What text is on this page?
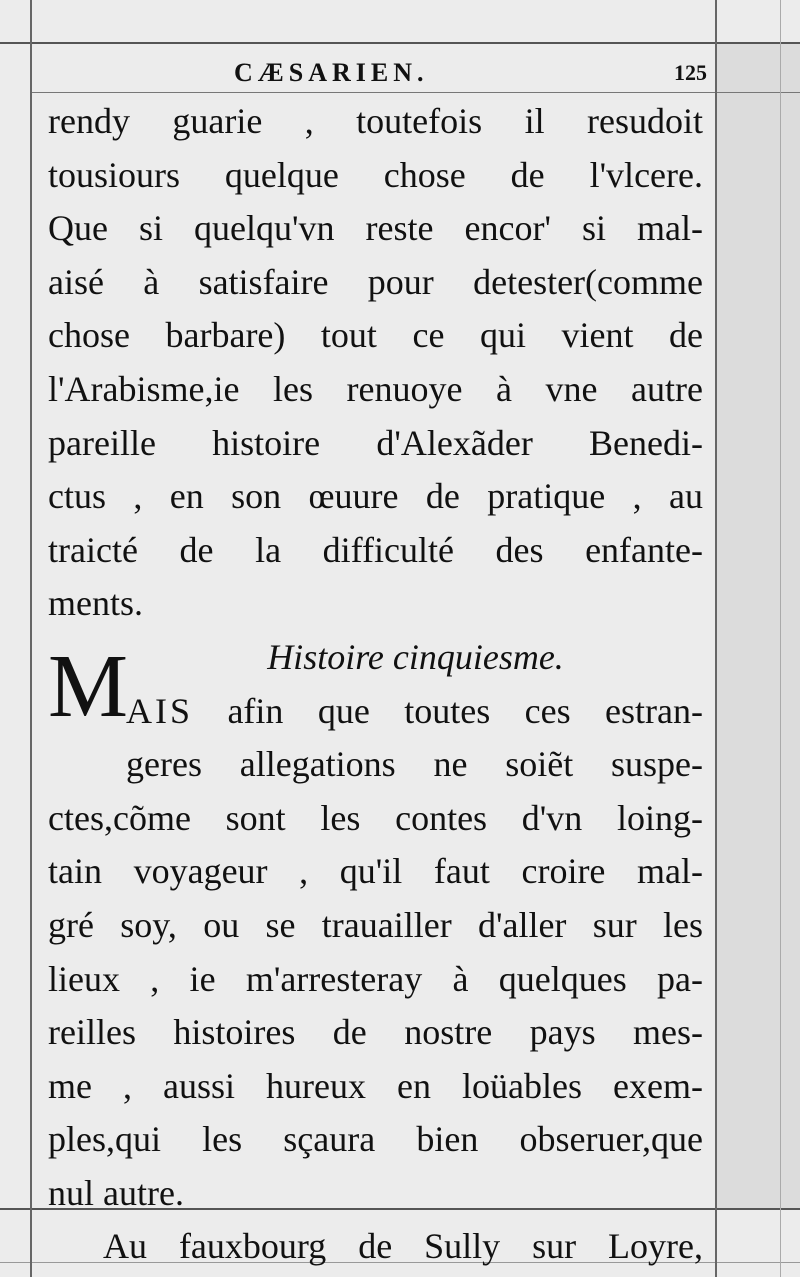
CÆSARIEN.	125
rendy guarie , toutefois il resudoit
tousiours quelque chose de l'vlcere.
Que si quelqu'vn reste encor' si mal-
aisé à satisfaire pour detester(comme
chose barbare) tout ce qui vient de
l'Arabisme,ie les renuoye à vne autre
pareille histoire d'Alexãder Benedi-
ctus , en son œuure de pratique , au
traicté de la difficulté des enfante-
ments.
Histoire cinquiesme.
AIS afin que toutes ces estran-
geres allegations ne soiẽt suspe-
ctes,cõme sont les contes d'vn loing-
tain voyageur , qu'il faut croire mal-
gré soy, ou se trauailler d'aller sur les
lieux , ie m'arresteray à quelques pa-
reilles histoires de nostre pays mes-
me , aussi hureux en loüables exem-
ples,qui les sçaura bien obseruer,que
nul autre.
Au fauxbourg de Sully sur Loyre,
M
